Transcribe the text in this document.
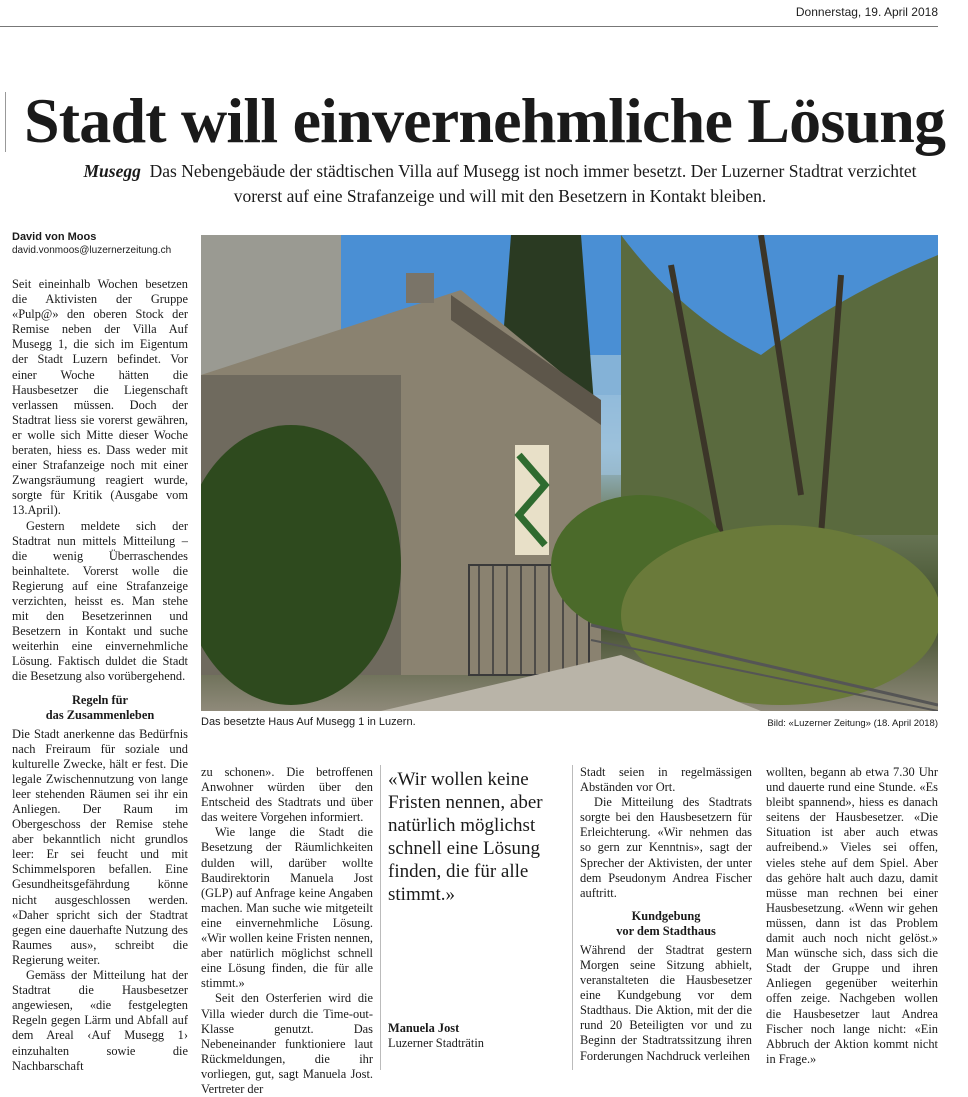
Donnerstag, 19. April 2018
Stadt will einvernehmliche Lösung
Musegg Das Nebengebäude der städtischen Villa auf Musegg ist noch immer besetzt. Der Luzerner Stadtrat verzichtet vorerst auf eine Strafanzeige und will mit den Besetzern in Kontakt bleiben.
David von Moos
david.vonmoos@luzernerzeitung.ch

Seit eineinhalb Wochen besetzen die Aktivisten der Gruppe «Pulp@» den oberen Stock der Remise neben der Villa Auf Musegg 1, die sich im Eigentum der Stadt Luzern befindet. Vor einer Woche hätten die Hausbesetzer die Liegenschaft verlassen müssen. Doch der Stadtrat liess sie vorerst gewähren, er wolle sich Mitte dieser Woche beraten, hiess es. Dass weder mit einer Strafanzeige noch mit einer Zwangsräumung reagiert wurde, sorgte für Kritik (Ausgabe vom 13.April).

Gestern meldete sich der Stadtrat nun mittels Mitteilung – die wenig Überraschendes beinhaltete. Vorerst wolle die Regierung auf eine Strafanzeige verzichten, heisst es. Man stehe mit den Besetzerinnen und Besetzern in Kontakt und suche weiterhin eine einvernehmliche Lösung. Faktisch duldet die Stadt die Besetzung also vorübergehend.

Regeln für
das Zusammenleben

Die Stadt anerkenne das Bedürfnis nach Freiraum für soziale und kulturelle Zwecke, hält er fest. Die legale Zwischennutzung von lange leer stehenden Räumen sei ihr ein Anliegen. Der Raum im Obergeschoss der Remise stehe aber bekanntlich nicht grundlos leer: Er sei feucht und mit Schimmelsporen befallen. Eine Gesundheitsgefährdung könne nicht ausgeschlossen werden. «Daher spricht sich der Stadtrat gegen eine dauerhafte Nutzung des Raumes aus», schreibt die Regierung weiter.

Gemäss der Mitteilung hat der Stadtrat die Hausbesetzer angewiesen, «die festgelegten Regeln gegen Lärm und Abfall auf dem Areal ‹Auf Musegg 1› einzuhalten sowie die Nachbarschaft

Das besetzte Haus Auf Musegg 1 in Luzern.	Bild: «Luzerner Zeitung» (18. April 2018)

zu schonen». Die betroffenen Anwohner würden über den Entscheid des Stadtrats und über das weitere Vorgehen informiert.

Wie lange die Stadt die Besetzung der Räumlichkeiten dulden will, darüber wollte Baudirektorin Manuela Jost (GLP) auf Anfrage keine Angaben machen. Man suche wie mitgeteilt eine einvernehmliche Lösung. «Wir wollen keine Fristen nennen, aber natürlich möglichst schnell eine Lösung finden, die für alle stimmt.»

Seit den Osterferien wird die Villa wieder durch die Time-out-Klasse genutzt. Das Nebeneinander funktioniere laut Rückmeldungen, die ihr vorliegen, gut, sagt Manuela Jost. Vertreter der

«Wir wollen keine Fristen nennen, aber natürlich möglichst schnell eine Lösung finden, die für alle stimmt.»
Manuela Jost
Luzerner Stadträtin

Stadt seien in regelmässigen Abständen vor Ort.

Die Mitteilung des Stadtrats sorgte bei den Hausbesetzern für Erleichterung. «Wir nehmen das so gern zur Kenntnis», sagt der Sprecher der Aktivisten, der unter dem Pseudonym Andrea Fischer auftritt.

Kundgebung
vor dem Stadthaus

Während der Stadtrat gestern Morgen seine Sitzung abhielt, veranstalteten die Hausbesetzer eine Kundgebung vor dem Stadthaus. Die Aktion, mit der die rund 20 Beteiligten vor und zu Beginn der Stadtratssitzung ihren Forderungen Nachdruck verleihen

wollten, begann ab etwa 7.30 Uhr und dauerte rund eine Stunde. «Es bleibt spannend», hiess es danach seitens der Hausbesetzer. «Die Situation ist aber auch etwas aufreibend.» Vieles sei offen, vieles stehe auf dem Spiel. Aber das gehöre halt auch dazu, damit müsse man rechnen bei einer Hausbesetzung. «Wenn wir gehen müssen, dann ist das Problem damit auch noch nicht gelöst.» Man wünsche sich, dass sich die Stadt der Gruppe und ihren Anliegen gegenüber weiterhin offen zeige. Nachgeben wollen die Hausbesetzer laut Andrea Fischer noch lange nicht: «Ein Abbruch der Aktion kommt nicht in Frage.»
